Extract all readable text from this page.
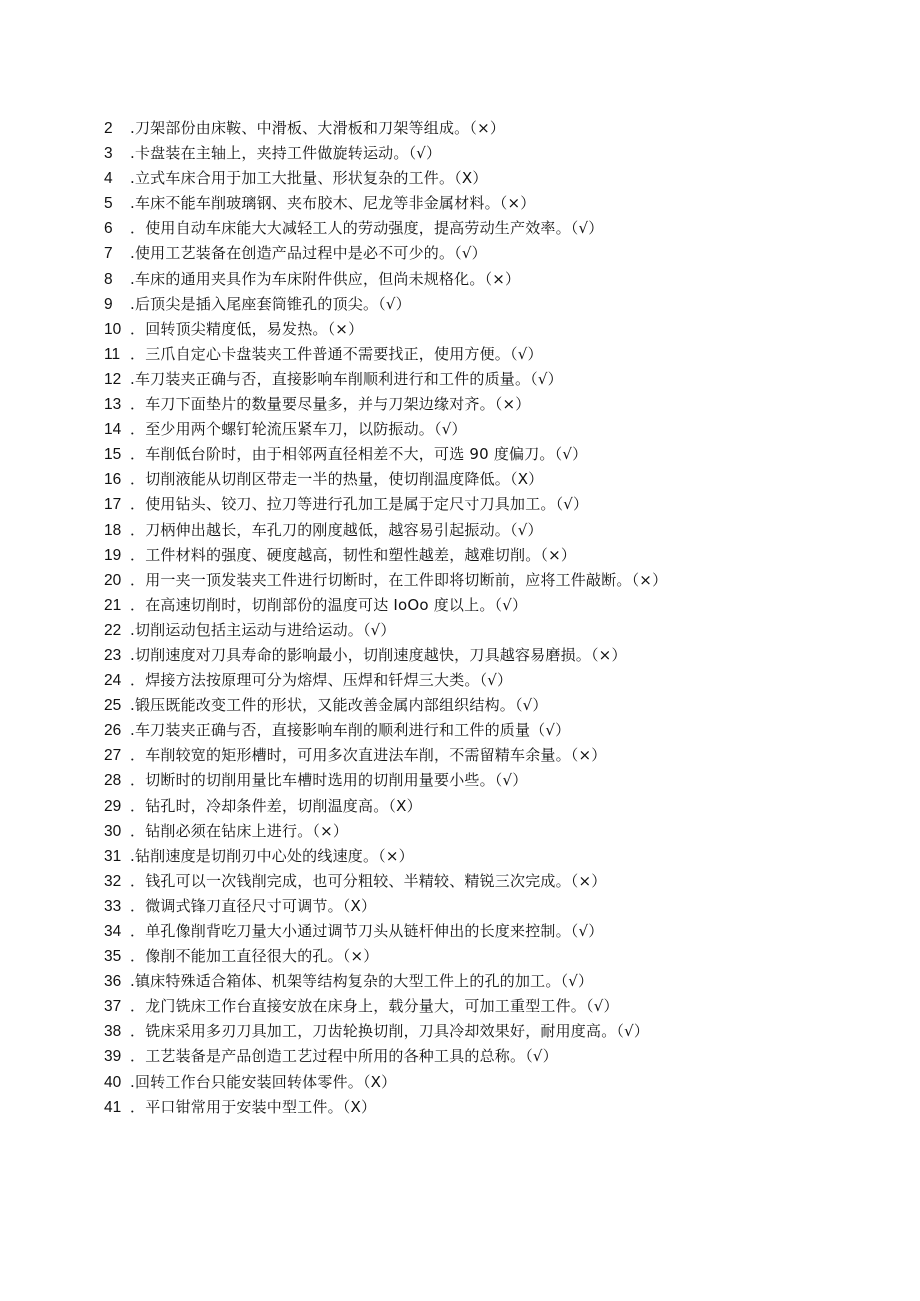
2	.刀架部份由床鞍、中滑板、大滑板和刀架等组成。（×）
3	.卡盘装在主轴上，夹持工件做旋转运动。（√）
4	.立式车床合用于加工大批量、形状复杂的工件。（X）
5	.车床不能车削玻璃钢、夹布胶木、尼龙等非金属材料。（×）
6	．使用自动车床能大大减轻工人的劳动强度，提高劳动生产效率。（√）
7	.使用工艺装备在创造产品过程中是必不可少的。（√）
8	.车床的通用夹具作为车床附件供应，但尚未规格化。（×）
9	.后顶尖是插入尾座套筒锥孔的顶尖。（√）
10 ．回转顶尖精度低，易发热。（×）
11 ．三爪自定心卡盘装夹工件普通不需要找正，使用方便。（√）
12 .车刀装夹正确与否，直接影响车削顺利进行和工件的质量。（√）
13 ．车刀下面垫片的数量要尽量多，并与刀架边缘对齐。（×）
14 ．至少用两个螺钉轮流压紧车刀，以防振动。（√）
15 ．车削低台阶时，由于相邻两直径相差不大，可选 90 度偏刀。（√）
16 ．切削液能从切削区带走一半的热量，使切削温度降低。（X）
17 ．使用钻头、铰刀、拉刀等进行孔加工是属于定尺寸刀具加工。（√）
18 ．刀柄伸出越长，车孔刀的刚度越低，越容易引起振动。（√）
19 ．工件材料的强度、硬度越高，韧性和塑性越差，越难切削。（×）
20 ．用一夹一顶发装夹工件进行切断时，在工件即将切断前，应将工件敲断。（×）
21 ．在高速切削时，切削部份的温度可达 IoOo 度以上。（√）
22 .切削运动包括主运动与进给运动。（√）
23 .切削速度对刀具寿命的影响最小，切削速度越快，刀具越容易磨损。（×）
24 ．焊接方法按原理可分为熔焊、压焊和钎焊三大类。（√）
25 .锻压既能改变工件的形状，又能改善金属内部组织结构。（√）
26 .车刀装夹正确与否，直接影响车削的顺利进行和工件的质量（√）
27 ．车削较宽的矩形槽时，可用多次直进法车削，不需留精车余量。（×）
28 ．切断时的切削用量比车槽时选用的切削用量要小些。（√）
29 ．钻孔时，冷却条件差，切削温度高。（X）
30 ．钻削必须在钻床上进行。（×）
31 .钻削速度是切削刃中心处的线速度。（×）
32 ．钱孔可以一次钱削完成，也可分粗较、半精较、精锐三次完成。（×）
33 ．微调式锋刀直径尺寸可调节。（X）
34 ．单孔像削背吃刀量大小通过调节刀头从链杆伸出的长度来控制。（√）
35 ．像削不能加工直径很大的孔。（×）
36 .镇床特殊适合箱体、机架等结构复杂的大型工件上的孔的加工。（√）
37 ．龙门铣床工作台直接安放在床身上，载分量大，可加工重型工件。（√）
38 ．铣床采用多刃刀具加工，刀齿轮换切削，刀具冷却效果好，耐用度高。（√）
39 ．工艺装备是产品创造工艺过程中所用的各种工具的总称。（√）
40 .回转工作台只能安装回转体零件。（X）
41 ．平口钳常用于安装中型工件。（X）
